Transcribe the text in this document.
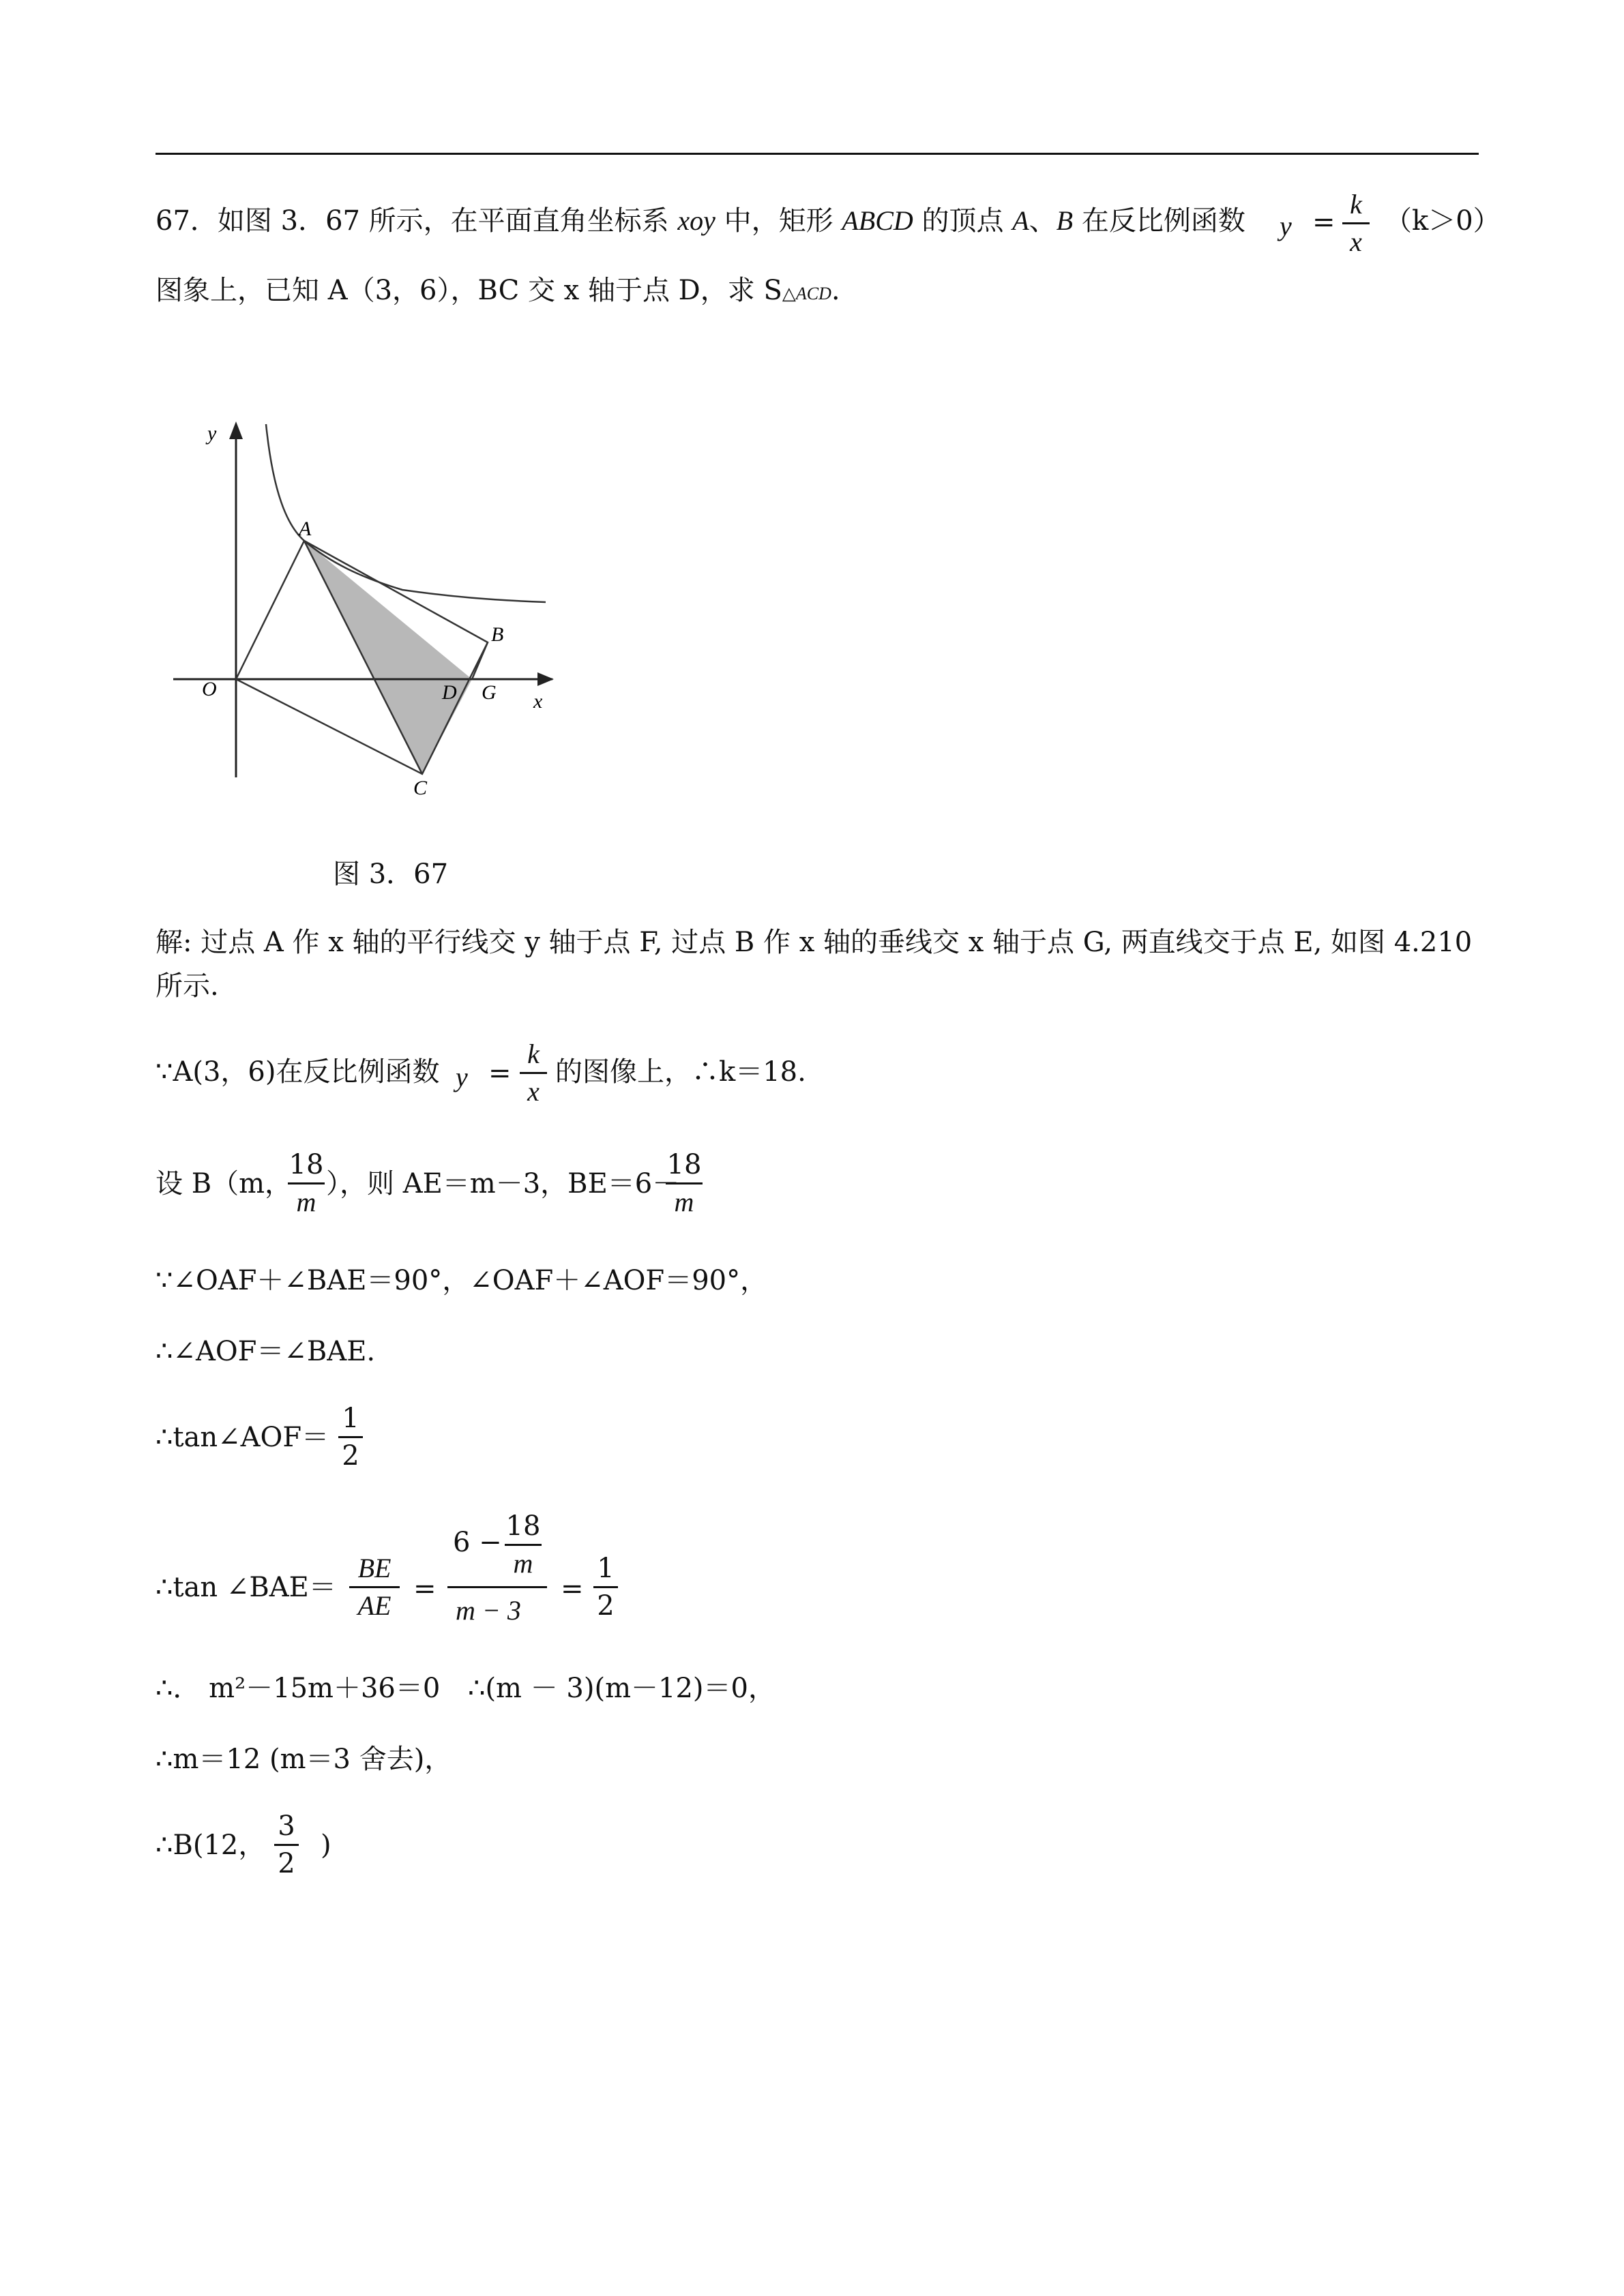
67．如图 3．67 所示，在平面直角坐标系 xoy 中，矩形 ABCD 的顶点 A、B 在反比例函数 y =
k
x
（k＞0）
图象上，已知 A（3，6），BC 交 x 轴于点 D，求 S△ACD.
y
x
O
A
B
C
D G
图 3．67
解: 过点 A 作 x 轴的平行线交 y 轴于点 F, 过点 B 作 x 轴的垂线交 x 轴于点 G, 两直线交于点 E, 如图 4.210
所示.
∵A(3，6)在反比例函数 y =
k
x
的图像上，∴k＝18.
设 B（m，
18
m
），则 AE＝m－3，BE＝6－
18
m
∵∠OAF＋∠BAE＝90°，∠OAF＋∠AOF＝90°，
∴∠AOF＝∠BAE.
∴tan∠AOF＝
1
2
∴tan ∠BAE＝
BE
AE
=
6 −
18
m
m − 3
=
1
2
∴． m²－15m＋36＝0 ∴(m － 3)(m－12)＝0，
∴m＝12 (m＝3 舍去)，
∴B(12，
3
2
)
